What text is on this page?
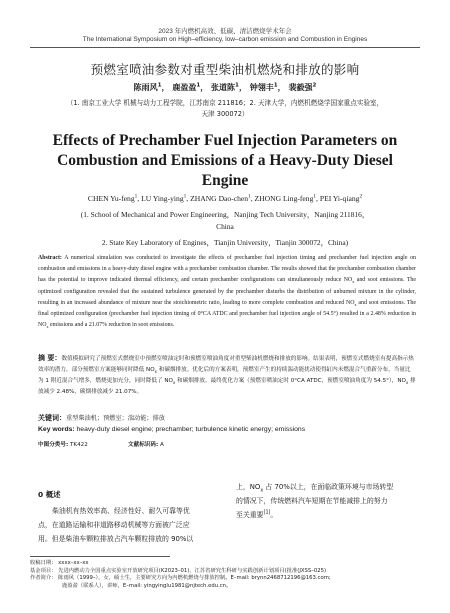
2023 年内燃机高效、低碳、清洁燃烧学术年会
The International Symposium on High–efficiency, low–carbon emission and Combustion in Engines
预燃室喷油参数对重型柴油机燃烧和排放的影响
陈雨风$^1$， 鹿盈盈$^1$， 张道陈$^1$， 钟翎丰$^1$， 裴毅强$^2$
（1. 南京工业大学 机械与动力工程学院，江苏南京 211816；2. 天津大学，内燃机燃烧学国家重点实验室，
天津 300072）
Effects of Prechamber Fuel Injection Parameters on
Combustion and Emissions of a Heavy-Duty Diesel
Engine
CHEN Yu-feng$^1$, LU Ying-ying$^1$, ZHANG Dao-chen$^1$, ZHONG Ling-feng$^1$, PEI Yi-qiang$^2$
(1. School of Mechanical and Power Engineering，Nanjing Tech University，Nanjing 211816，
China
2. State Key Laboratory of Engines，Tianjin University，Tianjin 300072，China)
Abstract: A numerical simulation was conducted to investigate the effects of prechamber fuel injection timing and prechamber fuel injection angle on combustion and emissions in a heavy-duty diesel engine with a prechamber combustion chamber. The results showed that the prechamber combustion chamber has the potential to improve indicated thermal efficiency, and certain prechamber configurations can simultaneously reduce $NO_x$ and soot emissions. The optimized configuration revealed that the sustained turbulence generated by the prechamber disturbs the distribution of unburned mixture in the cylinder, resulting in an increased abundance of mixture near the stoichiometric ratio, leading to more complete combustion and reduced $NO_x$ and soot emissions. The final optimized configuration (prechamber fuel injection timing of 0°CA ATDC and prechamber fuel injection angle of 54.5°) resulted in a 2.48% reduction in $NO_x$ emissions and a 21.07% reduction in soot emissions.
摘 要：数值模拟研究了预燃室式燃烧室中预燃室喷油定时和预燃室喷油角度对重型柴油机燃烧和排放的影响。结果表明，预燃室式燃烧室有提高指示热效率的潜力，部分预燃室方案能够同时降低 $NO_x$ 和碳烟排放。优化后的方案表明，预燃室产生的持续湍动能扰动使得缸内未燃混合气重新分布，当量比为 1 附近混合气增多，燃烧更加充分，同时降低了 $NO_x$ 和碳烟排放。最终优化方案（预燃室喷油定时 0°CA ATDC，预燃室喷油角度为 54.5°），$NO_x$ 排放减少 2.48%，碳烟排放减少 21.07%。
关键词：重型柴油机；预燃室；湍动能；排放
Key words: heavy-duty diesel engine; prechamber; turbulence kinetic energy; emissions
中图分类号: TK422	文献标识码: A
0 概述
柴油机有热效率高、经济性好、耐久可靠等优
点，在道路运输和非道路移动机械等方面被广泛应
用。但是柴油车颗粒排放占汽车颗粒排放的 90%以
上，$NO_x$ 占 70%以上，在面临政策环境与市场转型
的情况下，传统燃料汽车短期在节能减排上的努力
至关重要[1]。
收稿日期： xxxx–xx–xx
基金项目： 先进内燃动力全国重点实验室开放研究项目(K2023–01)，江苏省研究生科研与实践创新计划项目(批准(JXSS–025)
作者简介： 陈雨风（1999–），女，硕士生，主要研究方向为内燃机燃烧与排放控制。E–mail: brynn2468712196@163.com;
鹿盈盈（联系人），讲师，E–mail: yingyinglu1981@njtech.edu.cn。
